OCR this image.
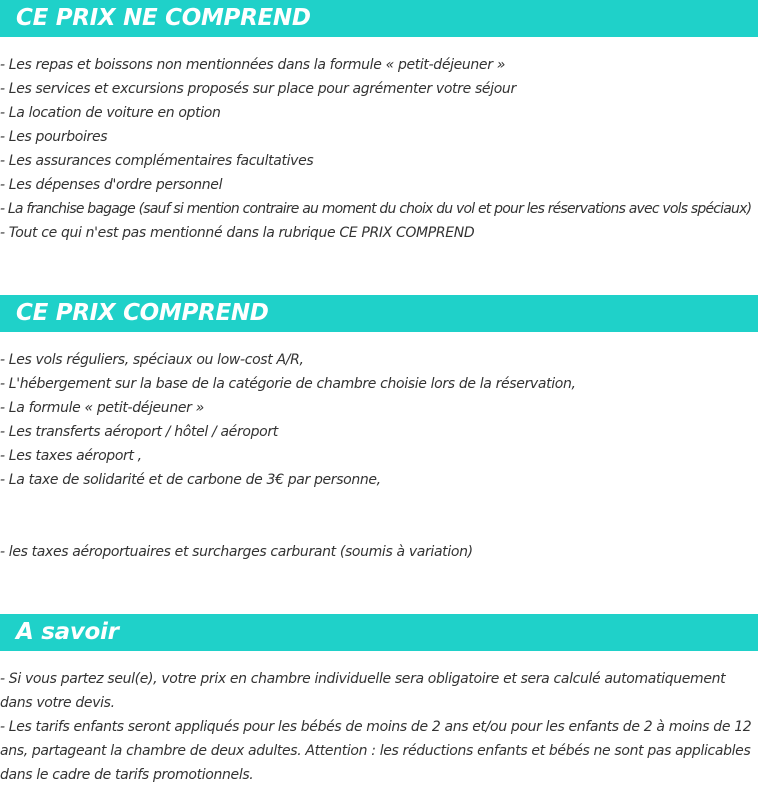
CE PRIX NE COMPREND
- Les repas et boissons non mentionnées dans la formule « petit-déjeuner »
- Les services et excursions proposés sur place pour agrémenter votre séjour
- La location de voiture en option
- Les pourboires
- Les assurances complémentaires facultatives
- Les dépenses d'ordre personnel
- La franchise bagage (sauf si mention contraire au moment du choix du vol et pour les réservations avec vols spéciaux)
- Tout ce qui n'est pas mentionné dans la rubrique CE PRIX COMPREND
CE PRIX COMPREND
- Les vols réguliers, spéciaux ou low-cost A/R,
- L'hébergement sur la base de la catégorie de chambre choisie lors de la réservation,
- La formule « petit-déjeuner »
- Les transferts aéroport / hôtel / aéroport
- Les taxes aéroport ,
- La taxe de solidarité et de carbone de 3€ par personne,
- les taxes aéroportuaires et surcharges carburant (soumis à variation)
A savoir
- Si vous partez seul(e), votre prix en chambre individuelle sera obligatoire et sera calculé automatiquement dans votre devis.
- Les tarifs enfants seront appliqués pour les bébés de moins de 2 ans et/ou pour les enfants de 2 à moins de 12 ans, partageant la chambre de deux adultes. Attention : les réductions enfants et bébés ne sont pas applicables dans le cadre de tarifs promotionnels.
